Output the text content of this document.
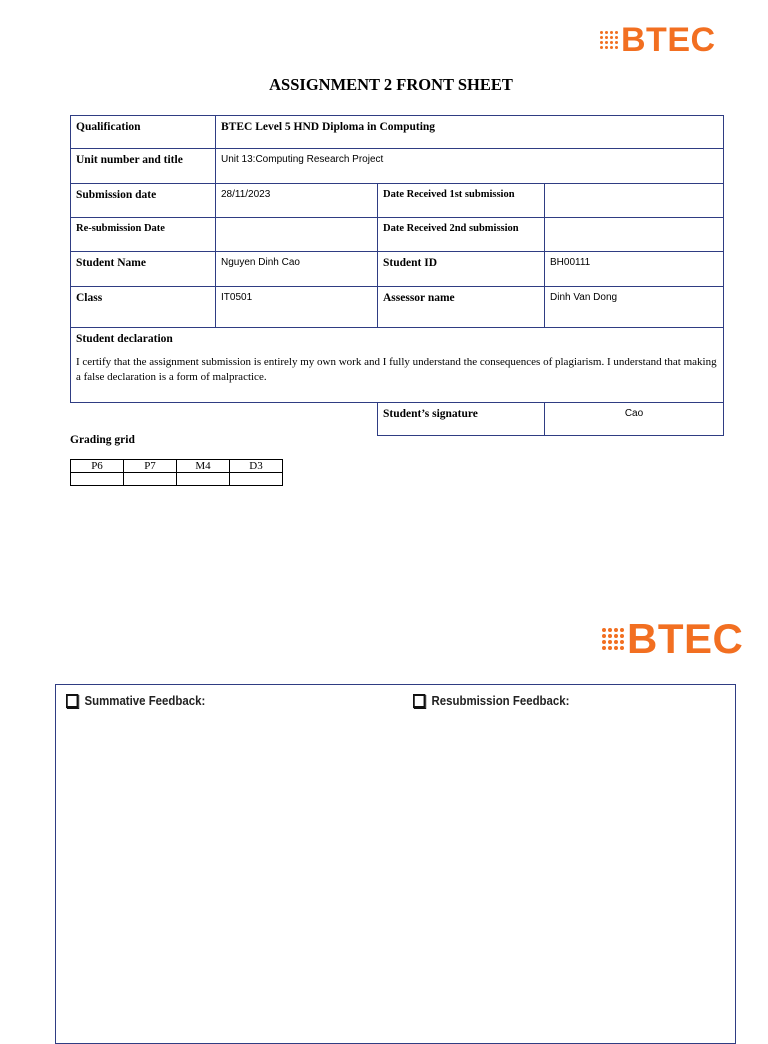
BTEC
ASSIGNMENT 2 FRONT SHEET
Qualification	BTEC Level 5 HND Diploma in Computing		
Unit number and title	Unit 13:Computing Research Project		
Submission date	28/11/2023	Date Received 1st submission	
Re-submission Date		Date Received 2nd submission	
Student Name	Nguyen Dinh Cao	Student ID	BH00111
Class	IT0501	Assessor name	Dinh Van Dong

Student declaration
I certify that the assignment submission is entirely my own work and I fully understand the consequences of plagiarism. I understand that making a false declaration is a form of malpractice.			

		Student’s signature	Cao
Grading grid
P6	P7	M4	D3

BTEC
Summative Feedback:	Resubmission Feedback:
